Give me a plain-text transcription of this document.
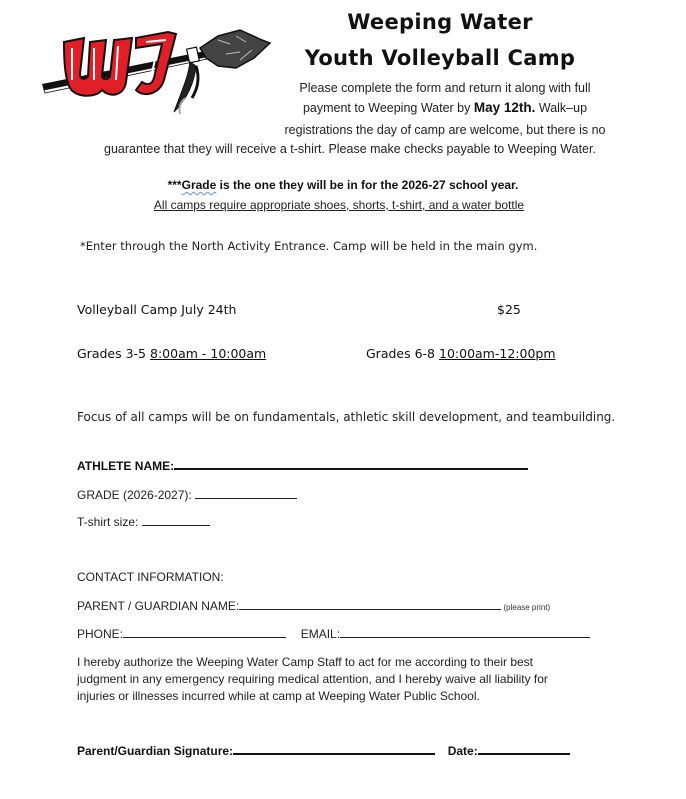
Weeping Water
Youth Volleyball Camp
Please complete the form and return it along with full
payment to Weeping Water by May 12th. Walk–up
registrations the day of camp are welcome, but there is no
guarantee that they will receive a t-shirt. Please make checks payable to Weeping Water.
***Grade is the one they will be in for the 2026-27 school year.
All camps require appropriate shoes, shorts, t-shirt, and a water bottle
*Enter through the North Activity Entrance. Camp will be held in the main gym.
Volleyball Camp July 24th	$25
Grades 3-5 8:00am - 10:00am	Grades 6-8 10:00am-12:00pm
Focus of all camps will be on fundamentals, athletic skill development, and teambuilding.
ATHLETE NAME:
GRADE (2026-2027):
T-shirt size:
CONTACT INFORMATION:
PARENT / GUARDIAN NAME:	(please print)
PHONE:	EMAIL:
I hereby authorize the Weeping Water Camp Staff to act for me according to their best
judgment in any emergency requiring medical attention, and I hereby waive all liability for
injuries or illnesses incurred while at camp at Weeping Water Public School.
Parent/Guardian Signature:	Date:
